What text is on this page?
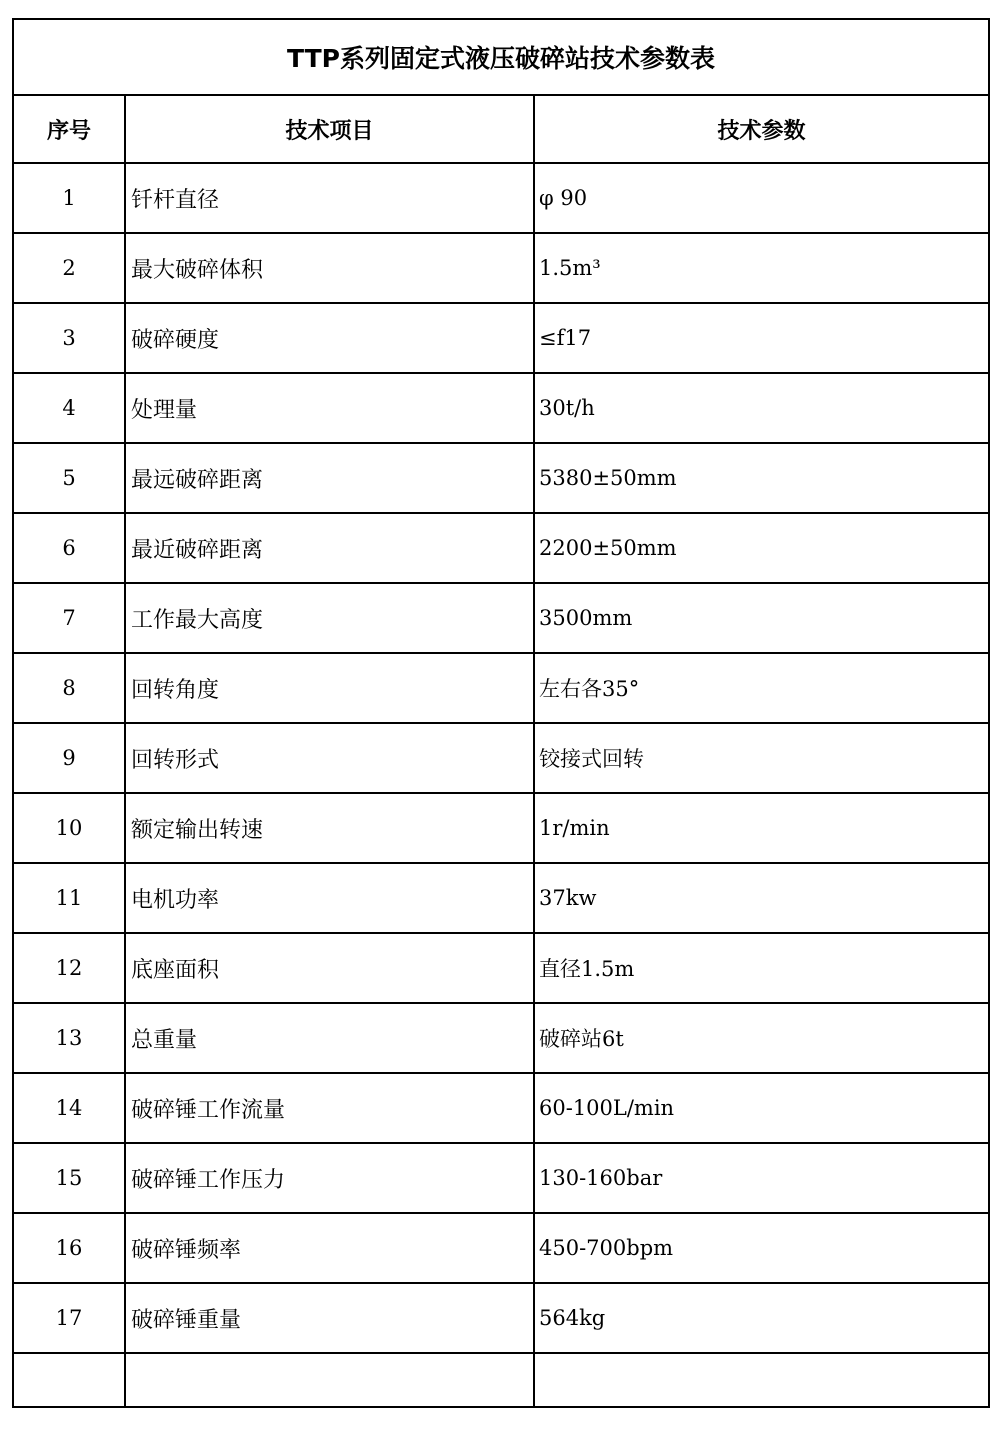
TTP系列固定式液压破碎站技术参数表		
序号	技术项目	技术参数
1	钎杆直径	φ 90
2	最大破碎体积	1.5m³
3	破碎硬度	≤f17
4	处理量	30t/h
5	最远破碎距离	5380±50mm
6	最近破碎距离	2200±50mm
7	工作最大高度	3500mm
8	回转角度	左右各35°
9	回转形式	铰接式回转
10	额定输出转速	1r/min
11	电机功率	37kw
12	底座面积	直径1.5m
13	总重量	破碎站6t
14	破碎锤工作流量	60-100L/min
15	破碎锤工作压力	130-160bar
16	破碎锤频率	450-700bpm
17	破碎锤重量	564kg
